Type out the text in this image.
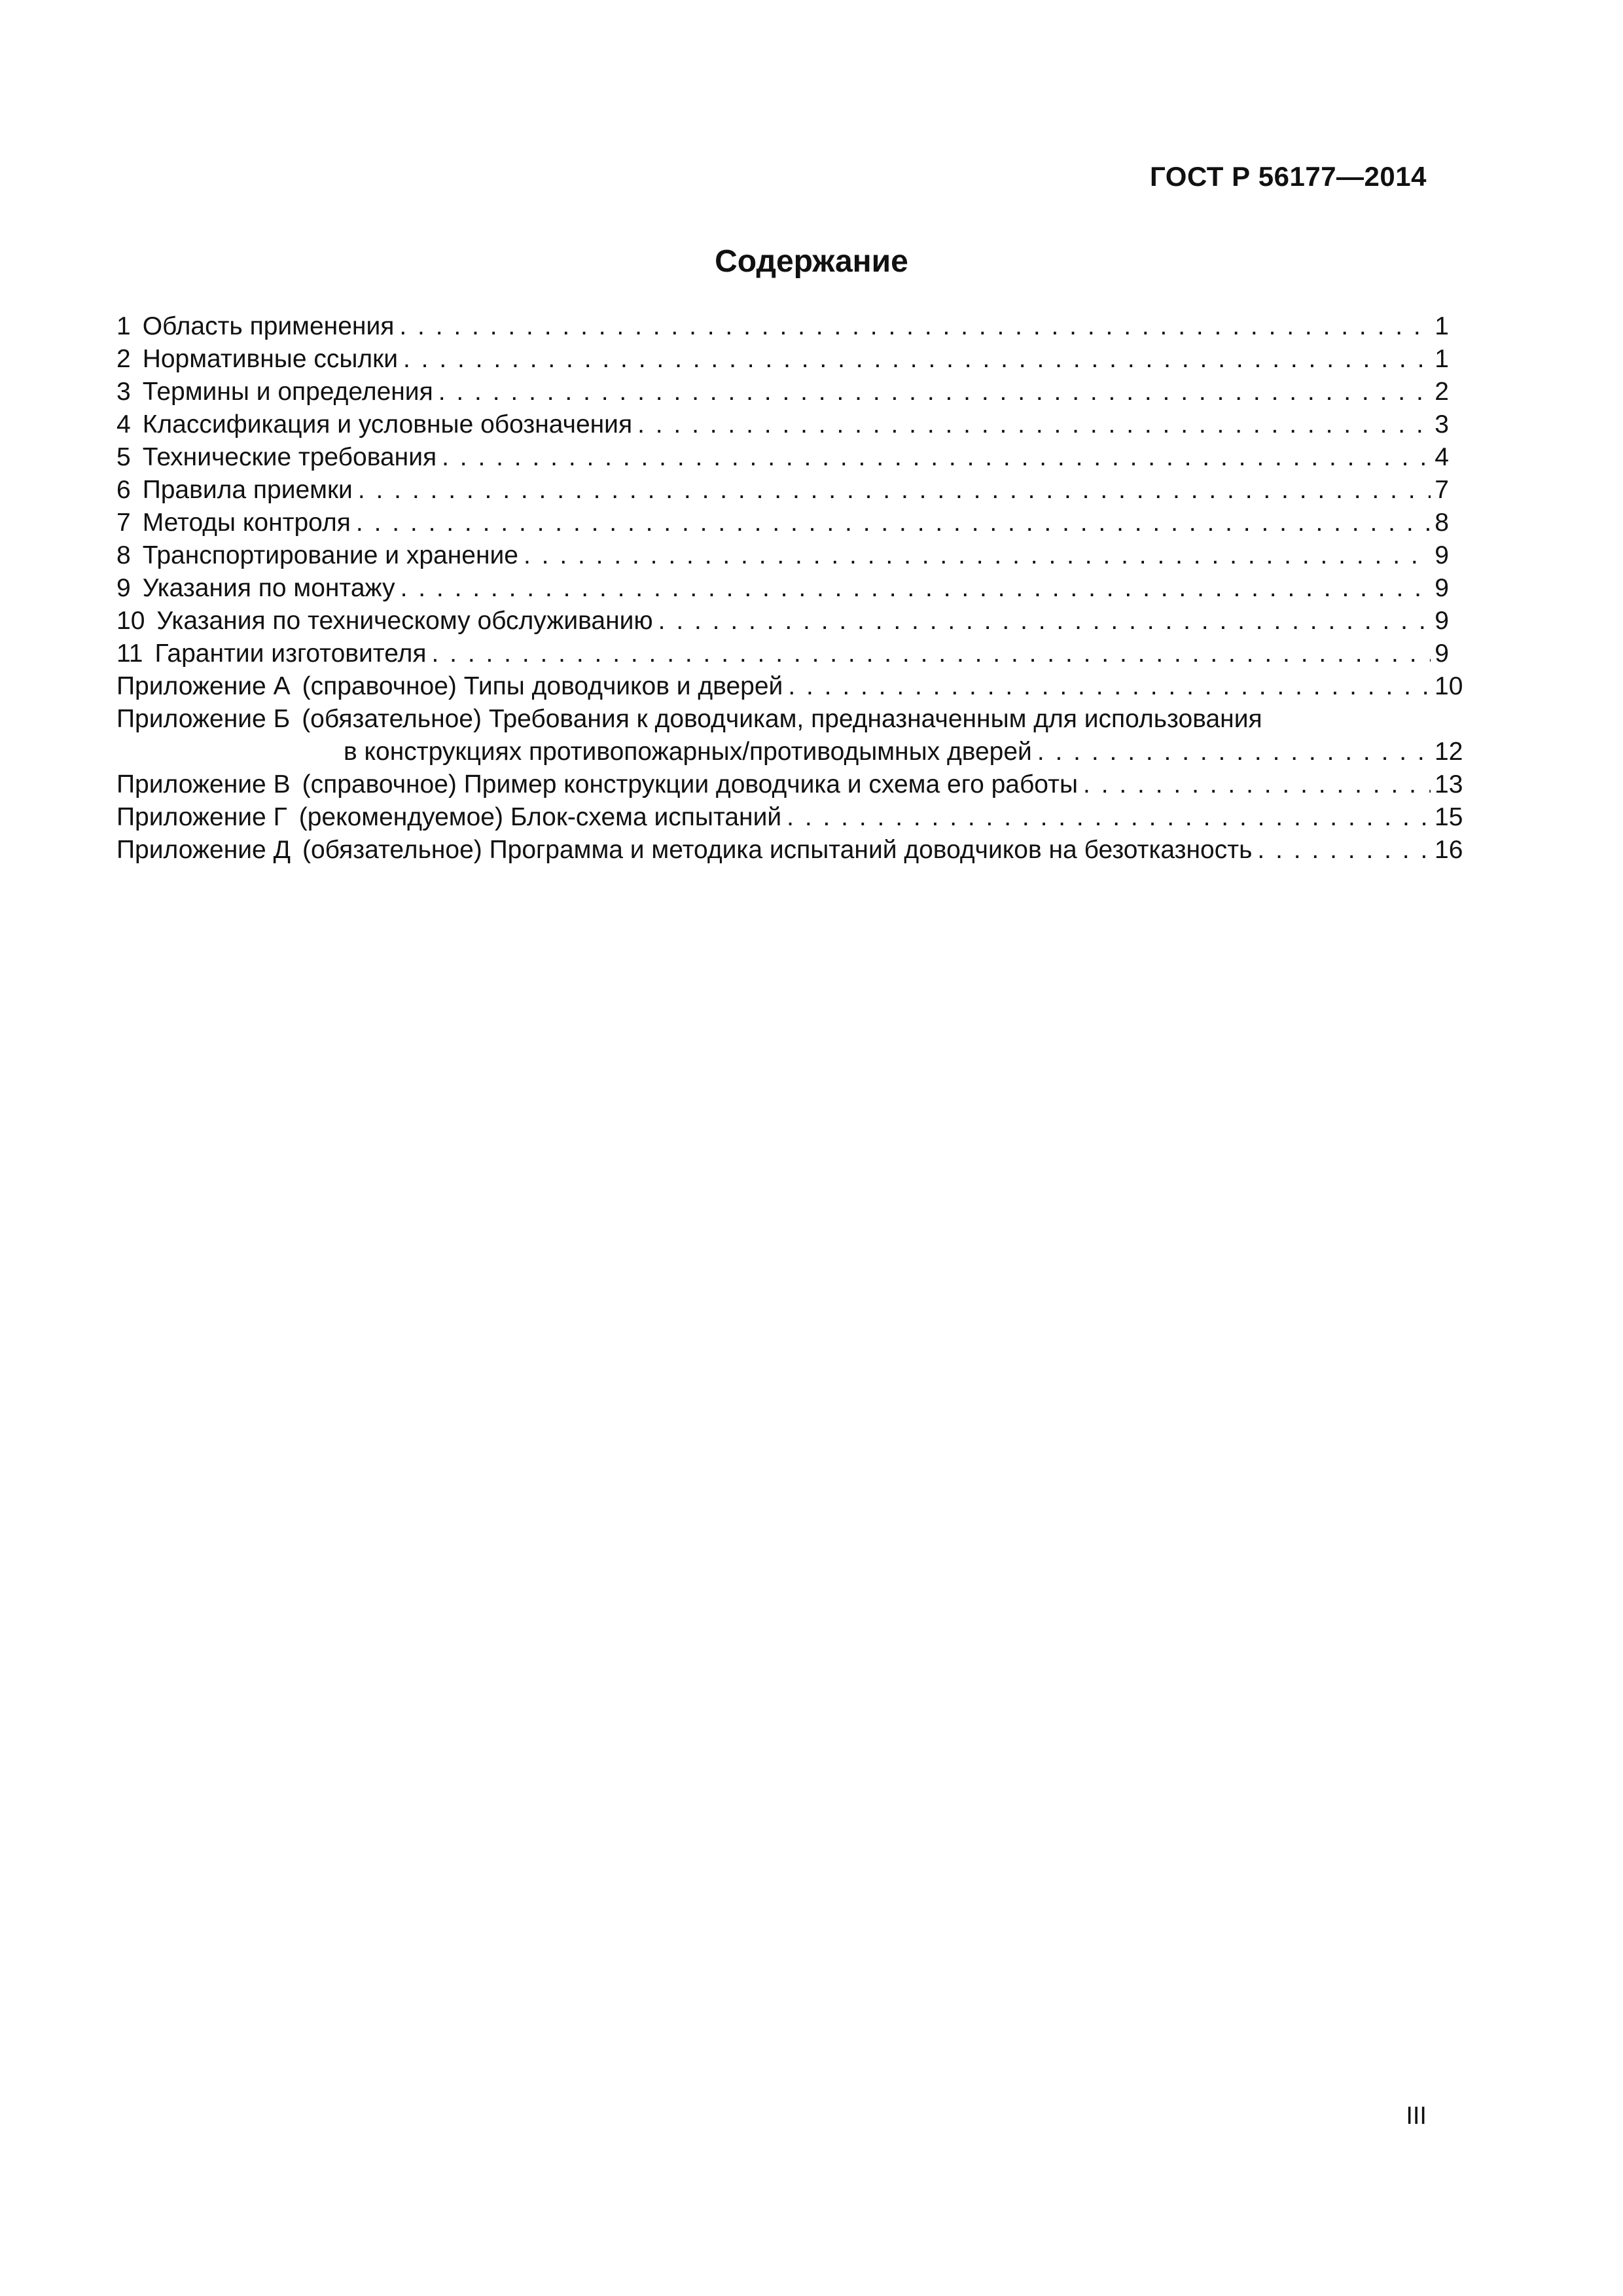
ГОСТ Р 56177—2014
Содержание
1 Область применения . . .	1
2 Нормативные ссылки . . .	1
3 Термины и определения . . .	2
4 Классификация и условные обозначения . . .	3
5 Технические требования . . .	4
6 Правила приемки . . .	7
7 Методы контроля . . .	8
8 Транспортирование и хранение . . .	9
9 Указания по монтажу . . .	9
10 Указания по техническому обслуживанию . . .	9
11 Гарантии изготовителя . . .	9
Приложение А (справочное) Типы доводчиков и дверей . . .	10
Приложение Б (обязательное) Требования к доводчикам, предназначенным для использования
в конструкциях противопожарных/противодымных дверей . . .	12
Приложение В (справочное) Пример конструкции доводчика и схема его работы . . .	13
Приложение Г (рекомендуемое) Блок-схема испытаний . . .	15
Приложение Д (обязательное) Программа и методика испытаний доводчиков на безотказность . . .	16
III
